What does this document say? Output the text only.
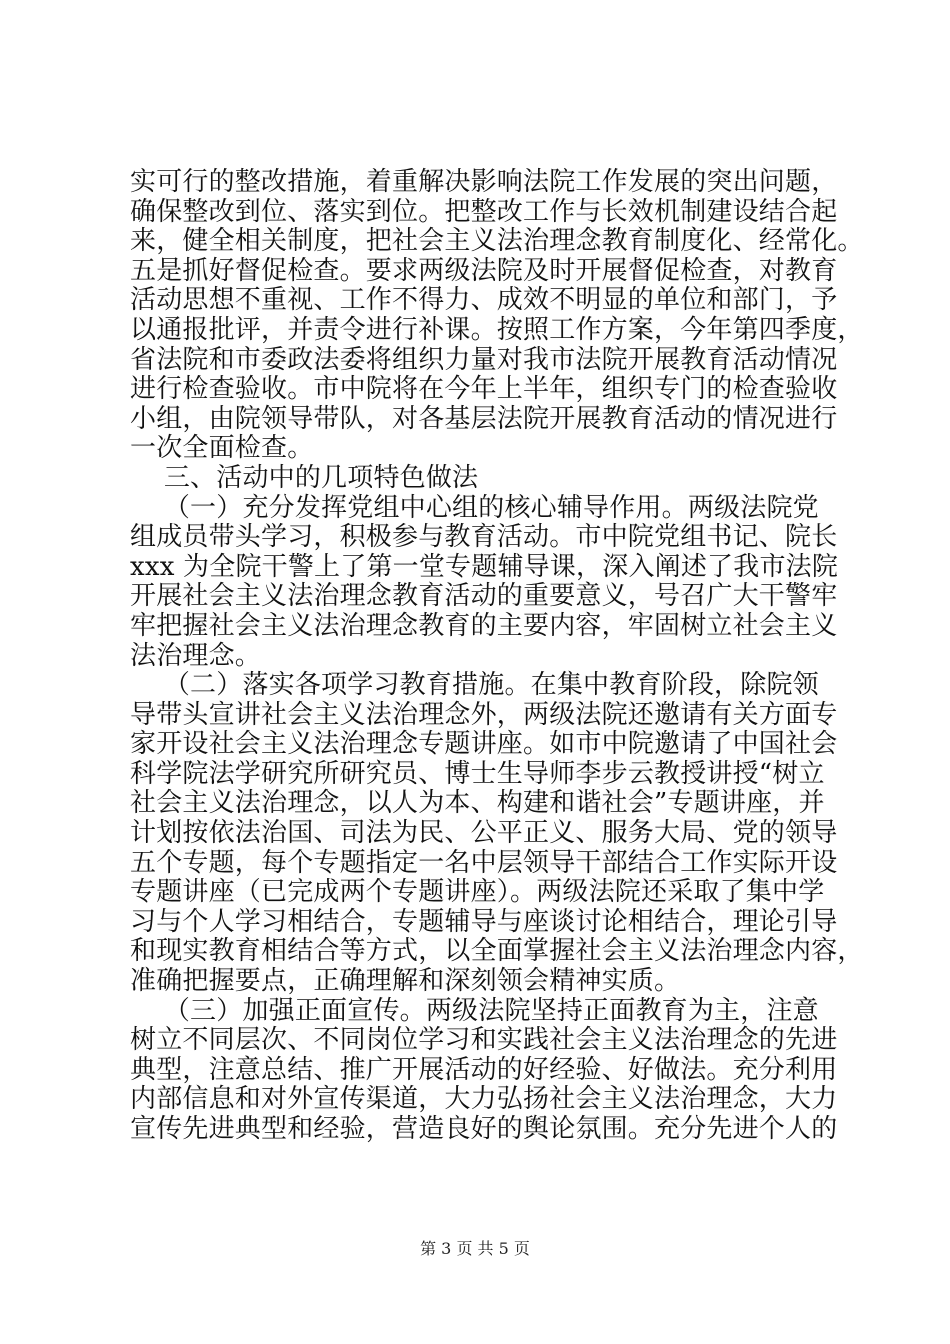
实可行的整改措施，着重解决影响法院工作发展的突出问题，
确保整改到位、落实到位。把整改工作与长效机制建设结合起
来，健全相关制度，把社会主义法治理念教育制度化、经常化。
五是抓好督促检查。要求两级法院及时开展督促检查，对教育
活动思想不重视、工作不得力、成效不明显的单位和部门，予
以通报批评，并责令进行补课。按照工作方案，今年第四季度，
省法院和市委政法委将组织力量对我市法院开展教育活动情况
进行检查验收。市中院将在今年上半年，组织专门的检查验收
小组，由院领导带队，对各基层法院开展教育活动的情况进行
一次全面检查。
三、活动中的几项特色做法
（一）充分发挥党组中心组的核心辅导作用。两级法院党
组成员带头学习，积极参与教育活动。市中院党组书记、院长
xxx 为全院干警上了第一堂专题辅导课，深入阐述了我市法院
开展社会主义法治理念教育活动的重要意义，号召广大干警牢
牢把握社会主义法治理念教育的主要内容，牢固树立社会主义
法治理念。
（二）落实各项学习教育措施。在集中教育阶段，除院领
导带头宣讲社会主义法治理念外，两级法院还邀请有关方面专
家开设社会主义法治理念专题讲座。如市中院邀请了中国社会
科学院法学研究所研究员、博士生导师李步云教授讲授“树立
社会主义法治理念，以人为本、构建和谐社会”专题讲座，并
计划按依法治国、司法为民、公平正义、服务大局、党的领导
五个专题，每个专题指定一名中层领导干部结合工作实际开设
专题讲座（已完成两个专题讲座）。两级法院还采取了集中学
习与个人学习相结合，专题辅导与座谈讨论相结合，理论引导
和现实教育相结合等方式，以全面掌握社会主义法治理念内容，
准确把握要点，正确理解和深刻领会精神实质。
（三）加强正面宣传。两级法院坚持正面教育为主，注意
树立不同层次、不同岗位学习和实践社会主义法治理念的先进
典型，注意总结、推广开展活动的好经验、好做法。充分利用
内部信息和对外宣传渠道，大力弘扬社会主义法治理念，大力
宣传先进典型和经验，营造良好的舆论氛围。充分先进个人的
第 3 页 共 5 页
